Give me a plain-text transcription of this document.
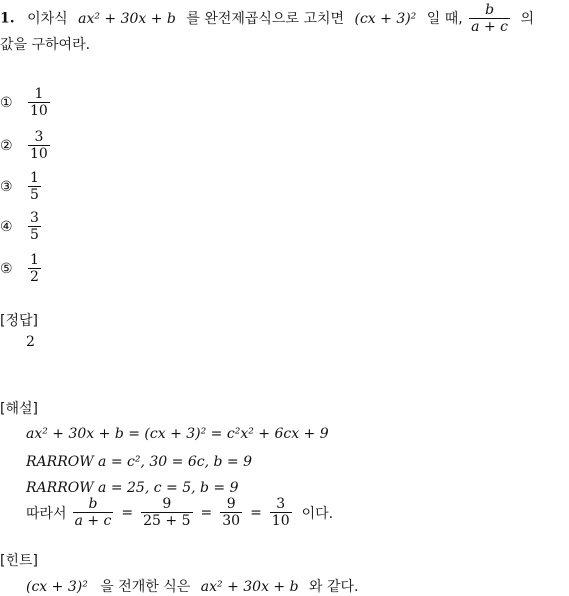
1. 이차식 ax² + 30x + b 를 완전제곱식으로 고치면 (cx + 3)² 일 때, $\frac{b}{a + c}$ 의
값을 구하여라.
① $\frac{1}{10}$
② $\frac{3}{10}$
③ $\frac{1}{5}$
④ $\frac{3}{5}$
⑤ $\frac{1}{2}$
[정답]
2
[해설]
ax² + 30x + b = (cx + 3)² = c²x² + 6cx + 9
RARROW a = c², 30 = 6c, b = 9
RARROW a = 25, c = 5, b = 9
따라서 $\frac{b}{a + c} = \frac{9}{25 + 5} = \frac{9}{30} = \frac{3}{10}$ 이다.
[힌트]
(cx + 3)² 을 전개한 식은 ax² + 30x + b 와 같다.
